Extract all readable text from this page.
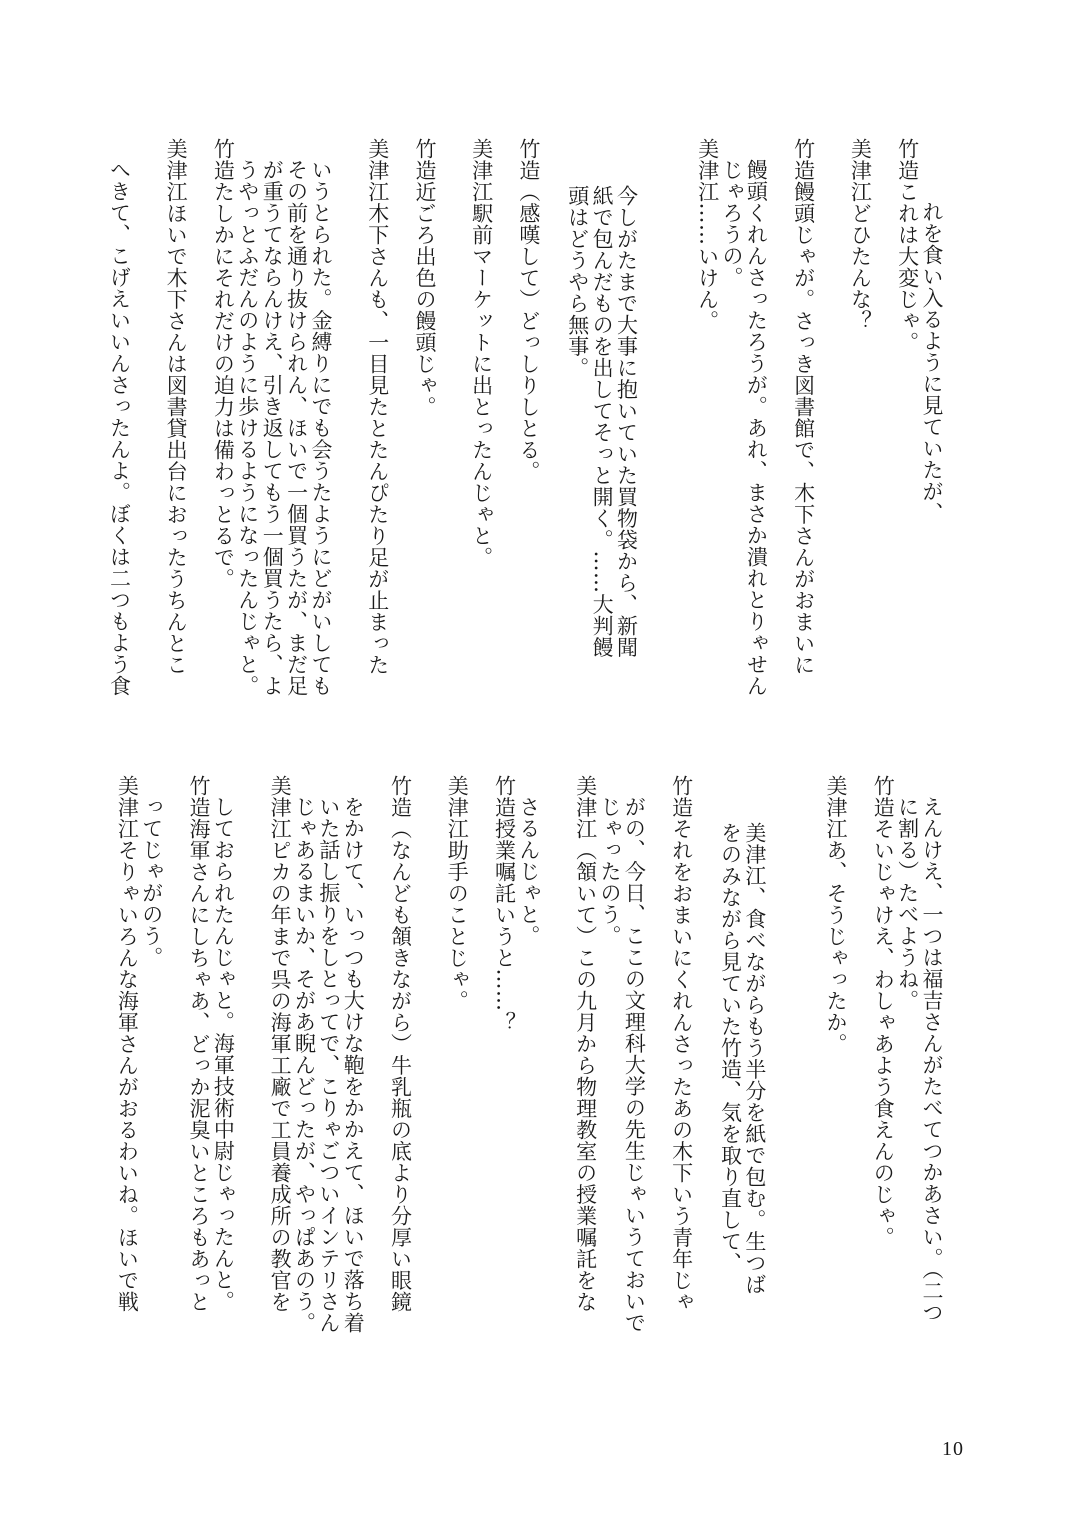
れを食い入るように見ていたが、

竹造これは大変じゃ。

美津江どひたんな？

竹造饅頭じゃが。さっき図書館で、木下さんがおまいに

饅頭くれんさったろうが。あれ、まさか潰れとりゃせん

じゃろうの。

美津江……いけん。

今しがたまで大事に抱いていた買物袋から、新聞

紙で包んだものを出してそっと開く。……大判饅

頭はどうやら無事。

竹造（感嘆して）どっしりしとる。

美津江駅前マーケットに出とったんじゃと。

竹造近ごろ出色の饅頭じゃ。

美津江木下さんも、一目見たとたんぴたり足が止まった

いうとられた。金縛りにでも会うたようにどがいしても

その前を通り抜けられん、ほいで一個買うたが、まだ足

が重うてならんけえ、引き返してもう一個買うたら、よ

うやっとふだんのように歩けるようになったんじゃと。

竹造たしかにそれだけの迫力は備わっとるで。

美津江ほいで木下さんは図書貸出台におったうちんとこ

へきて、こげえいいんさったんよ。ぼくは二つもよう食

えんけえ、一つは福吉さんがたべてつかあさい。（二つ

に割る）たべようね。

竹造そいじゃけえ、わしゃあよう食えんのじゃ。

美津江あ、そうじゃったか。

美津江、食べながらもう半分を紙で包む。生つば

をのみながら見ていた竹造、気を取り直して、

竹造それをおまいにくれんさったあの木下いう青年じゃ

がの、今日、ここの文理科大学の先生じゃいうておいで

じゃったのう。

美津江（頷いて）この九月から物理教室の授業嘱託をな

さるんじゃと。

竹造授業嘱託いうと……？

美津江助手のことじゃ。

竹造（なんども頷きながら）牛乳瓶の底より分厚い眼鏡

をかけて、いっつも大けな鞄をかかえて、ほいで落ち着

いた話し振りをしとってで、こりゃごついインテリさん

じゃあるまいか、そがあ睨んどったが、やっぱあのう。

美津江ピカの年まで呉の海軍工廠で工員養成所の教官を

しておられたんじゃと。海軍技術中尉じゃったんと。

竹造海軍さんにしちゃあ、どっか泥臭いところもあっと

ってじゃがのう。

美津江そりゃいろんな海軍さんがおるわいね。ほいで戦

10
